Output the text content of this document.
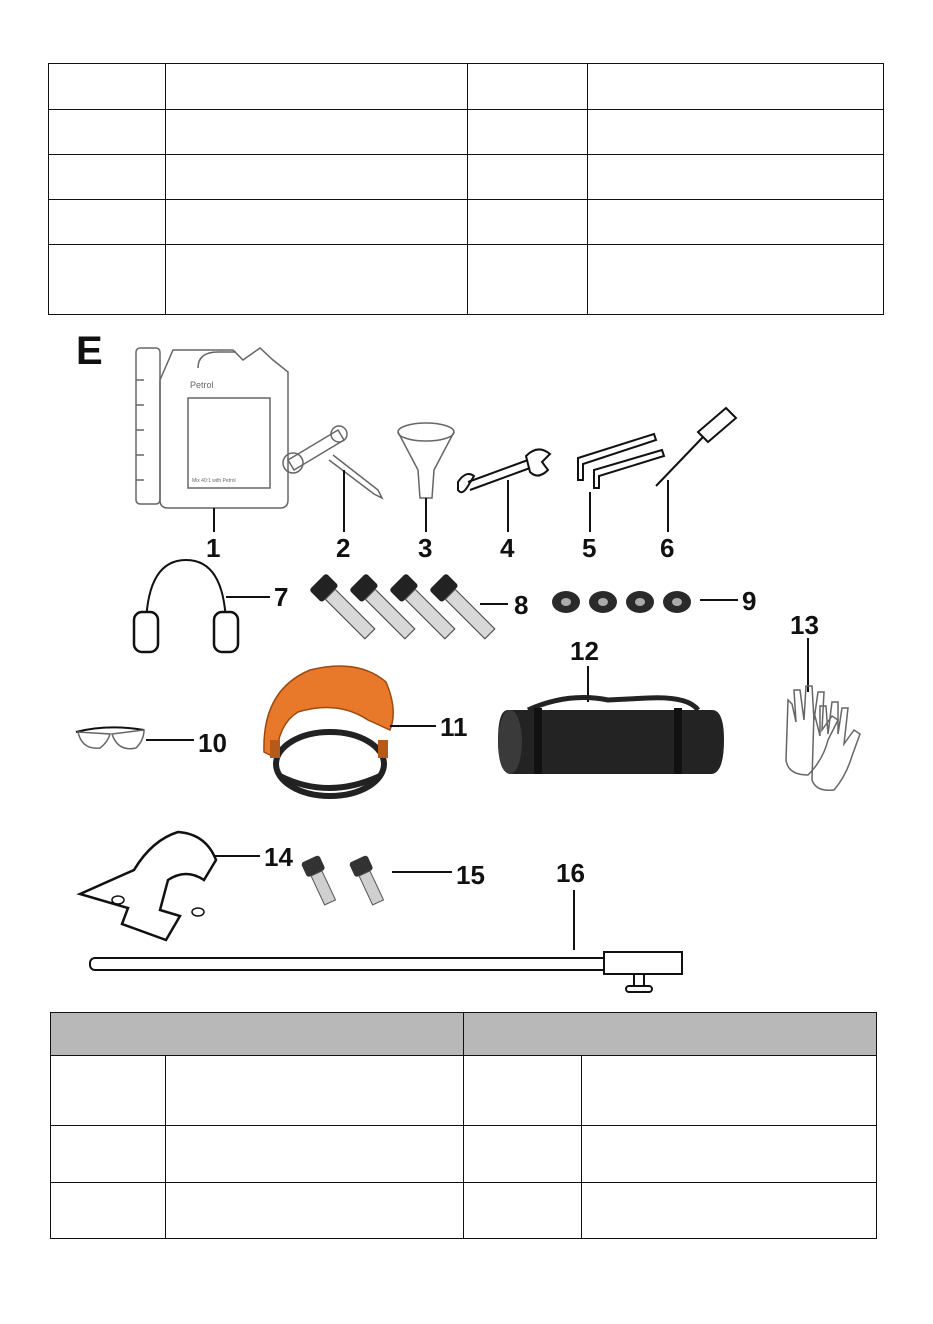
E
Petrol
Mix 40:1 with Petrol
1	2	3	4	5 6
7	8	9
13
12
10
11
14
15	16
